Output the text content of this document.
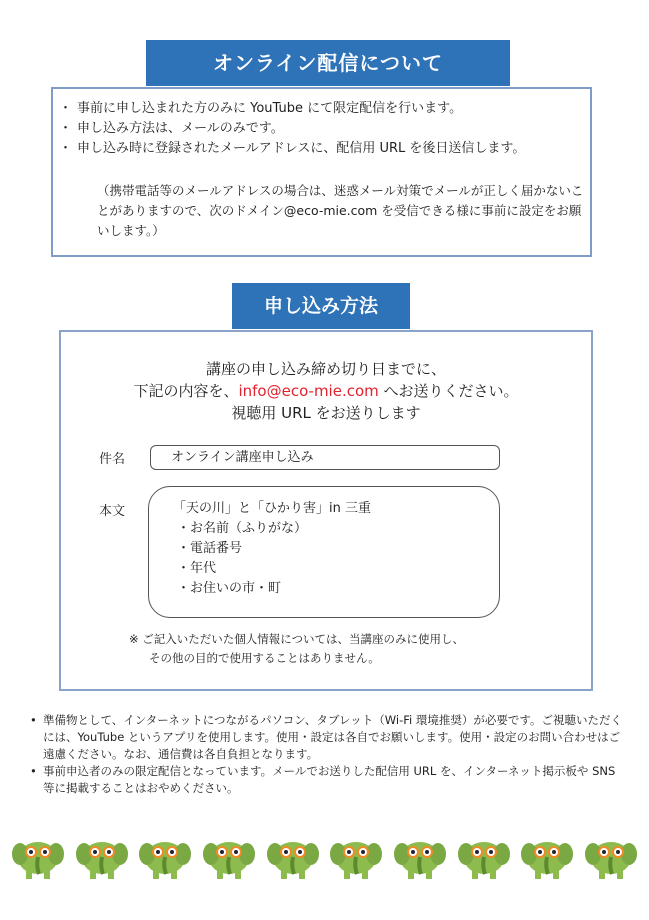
オンライン配信について
・ 事前に申し込まれた方のみに YouTube にて限定配信を行います。
・ 申し込み方法は、メールのみです。
・ 申し込み時に登録されたメールアドレスに、配信用 URL を後日送信します。
（携帯電話等のメールアドレスの場合は、迷惑メール対策でメールが正しく届かないことがありますので、次のドメイン@eco-mie.com を受信できる様に事前に設定をお願いします。）
申し込み方法
講座の申し込み締め切り日までに、
下記の内容を、info@eco-mie.com へお送りください。
視聴用 URL をお送りします
件名	オンライン講座申し込み
本文	「天の川」と「ひかり害」in 三重
・お名前（ふりがな）
・電話番号
・年代
・お住いの市・町
※ ご記入いただいた個人情報については、当講座のみに使用し、
その他の目的で使用することはありません。
• 準備物として、インターネットにつながるパソコン、タブレット（Wi-Fi 環境推奨）が必要です。ご視聴いただくには、YouTube というアプリを使用します。使用・設定は各自でお願いします。使用・設定のお問い合わせはご遠慮ください。なお、通信費は各自負担となります。
• 事前申込者のみの限定配信となっています。メールでお送りした配信用 URL を、インターネット掲示板や SNS 等に掲載することはおやめください。
